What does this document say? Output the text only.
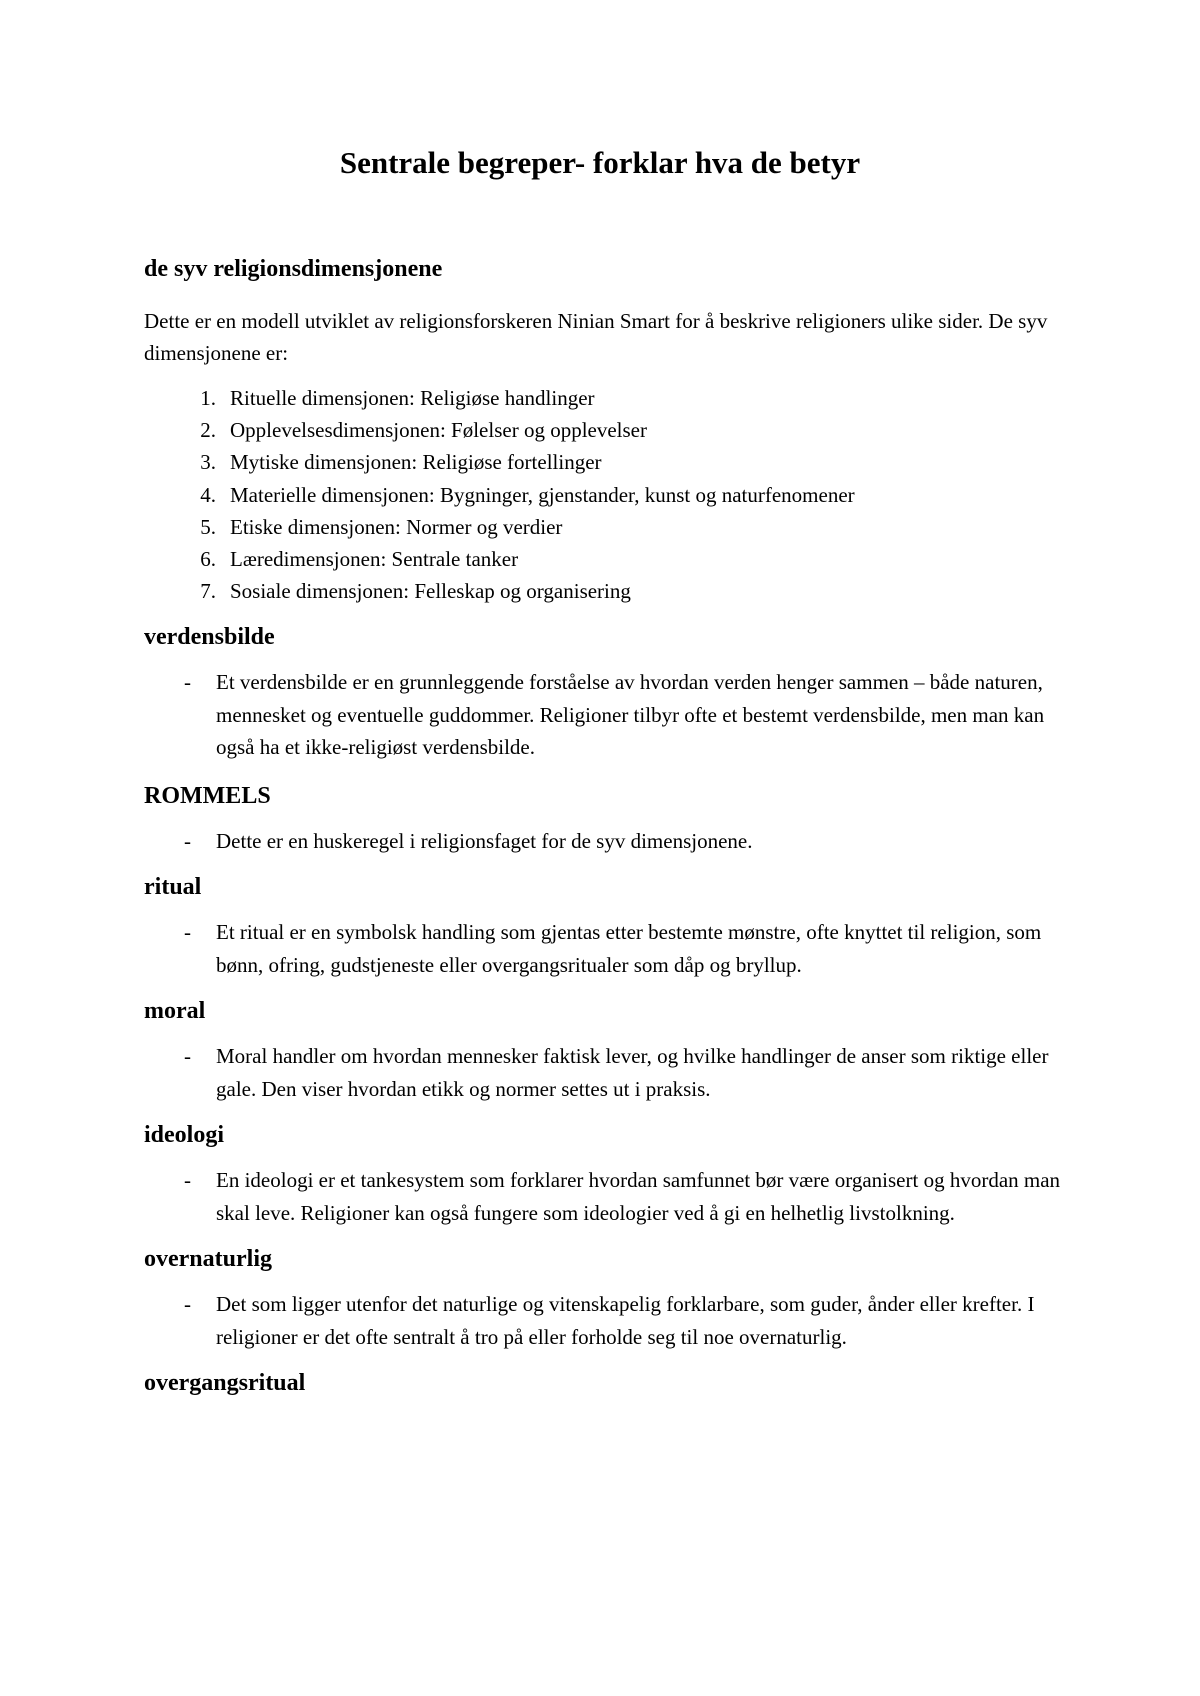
Sentrale begreper- forklar hva de betyr
de syv religionsdimensjonene

Dette er en modell utviklet av religionsforskeren Ninian Smart for å beskrive religioners ulike sider. De syv dimensjonene er:

1. Rituelle dimensjonen: Religiøse handlinger
2. Opplevelsesdimensjonen: Følelser og opplevelser
3. Mytiske dimensjonen: Religiøse fortellinger
4. Materielle dimensjonen: Bygninger, gjenstander, kunst og naturfenomener
5. Etiske dimensjonen: Normer og verdier
6. Læredimensjonen: Sentrale tanker
7. Sosiale dimensjonen: Felleskap og organisering
verdensbilde
-	Et verdensbilde er en grunnleggende forståelse av hvordan verden henger sammen – både naturen, mennesket og eventuelle guddommer. Religioner tilbyr ofte et bestemt verdensbilde, men man kan også ha et ikke-religiøst verdensbilde.
ROMMELS
-	Dette er en huskeregel i religionsfaget for de syv dimensjonene.
ritual
-	Et ritual er en symbolsk handling som gjentas etter bestemte mønstre, ofte knyttet til religion, som bønn, ofring, gudstjeneste eller overgangsritualer som dåp og bryllup.
moral
-	Moral handler om hvordan mennesker faktisk lever, og hvilke handlinger de anser som riktige eller gale. Den viser hvordan etikk og normer settes ut i praksis.
ideologi
-	En ideologi er et tankesystem som forklarer hvordan samfunnet bør være organisert og hvordan man skal leve. Religioner kan også fungere som ideologier ved å gi en helhetlig livstolkning.
overnaturlig
-	Det som ligger utenfor det naturlige og vitenskapelig forklarbare, som guder, ånder eller krefter. I religioner er det ofte sentralt å tro på eller forholde seg til noe overnaturlig.
overgangsritual
